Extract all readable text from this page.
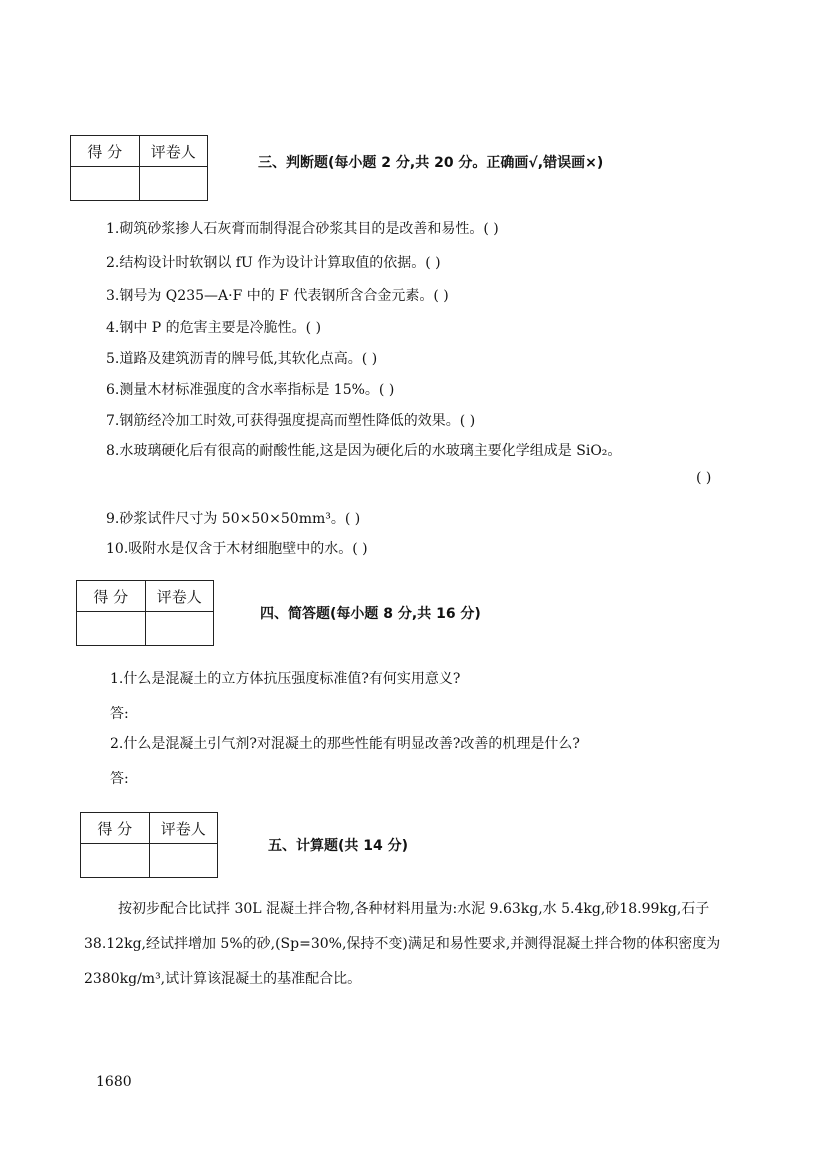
得 分	评卷人

三、判断题(每小题 2 分,共 20 分。正确画√,错误画×)
1.砌筑砂浆掺人石灰膏而制得混合砂浆其目的是改善和易性。( )
2.结构设计时软钢以 fU 作为设计计算取值的依据。( )
3.钢号为 Q235—A·F 中的 F 代表钢所含合金元素。( )
4.钢中 P 的危害主要是冷脆性。( )
5.道路及建筑沥青的牌号低,其软化点高。( )
6.测量木材标准强度的含水率指标是 15%。( )
7.钢筋经冷加工时效,可获得强度提高而塑性降低的效果。( )
8.水玻璃硬化后有很高的耐酸性能,这是因为硬化后的水玻璃主要化学组成是 SiO₂。
( )
9.砂浆试件尺寸为 50×50×50mm³。( )
10.吸附水是仅含于木材细胞壁中的水。( )
得 分	评卷人

四、简答题(每小题 8 分,共 16 分)
1.什么是混凝土的立方体抗压强度标准值?有何实用意义?
答:
2.什么是混凝土引气剂?对混凝土的那些性能有明显改善?改善的机理是什么?
答:
得 分	评卷人

五、计算题(共 14 分)
按初步配合比试拌 30L 混凝土拌合物,各种材料用量为:水泥 9.63kg,水 5.4kg,砂18.99kg,石子 38.12kg,经试拌增加 5%的砂,(Sp=30%,保持不变)满足和易性要求,并测得混凝土拌合物的体积密度为 2380kg/m³,试计算该混凝土的基准配合比。
1680
